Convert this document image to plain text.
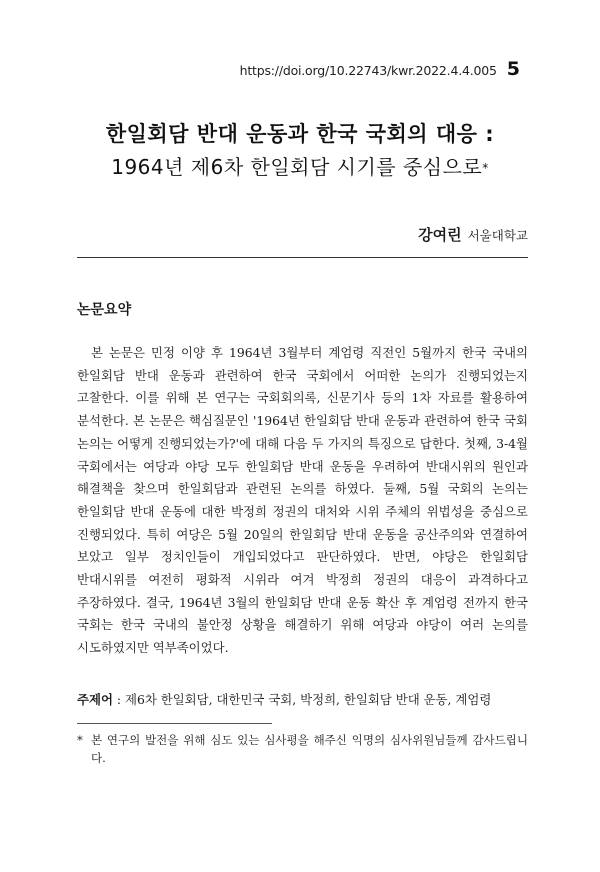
https://doi.org/10.22743/kwr.2022.4.4.005 5
한일회담 반대 운동과 한국 국회의 대응 :
1964년 제6차 한일회담 시기를 중심으로*
강여린 서울대학교
논문요약

본 논문은 민정 이양 후 1964년 3월부터 계엄령 직전인 5월까지 한국 국내의 한일회담 반대 운동과 관련하여 한국 국회에서 어떠한 논의가 진행되었는지 고찰한다. 이를 위해 본 연구는 국회회의록, 신문기사 등의 1차 자료를 활용하여 분석한다. 본 논문은 핵심질문인 '1964년 한일회담 반대 운동과 관련하여 한국 국회 논의는 어떻게 진행되었는가?'에 대해 다음 두 가지의 특징으로 답한다. 첫째, 3-4월 국회에서는 여당과 야당 모두 한일회담 반대 운동을 우려하여 반대시위의 원인과 해결책을 찾으며 한일회담과 관련된 논의를 하였다. 둘째, 5월 국회의 논의는 한일회담 반대 운동에 대한 박정희 정권의 대처와 시위 주체의 위법성을 중심으로 진행되었다. 특히 여당은 5월 20일의 한일회담 반대 운동을 공산주의와 연결하여 보았고 일부 정치인들이 개입되었다고 판단하였다. 반면, 야당은 한일회담 반대시위를 여전히 평화적 시위라 여겨 박정희 정권의 대응이 과격하다고 주장하였다. 결국, 1964년 3월의 한일회담 반대 운동 확산 후 계엄령 전까지 한국 국회는 한국 국내의 불안정 상황을 해결하기 위해 여당과 야당이 여러 논의를 시도하였지만 역부족이었다.

주제어 : 제6차 한일회담, 대한민국 국회, 박정희, 한일회담 반대 운동, 계엄령
* 본 연구의 발전을 위해 심도 있는 심사평을 해주신 익명의 심사위원님들께 감사드립니다.
